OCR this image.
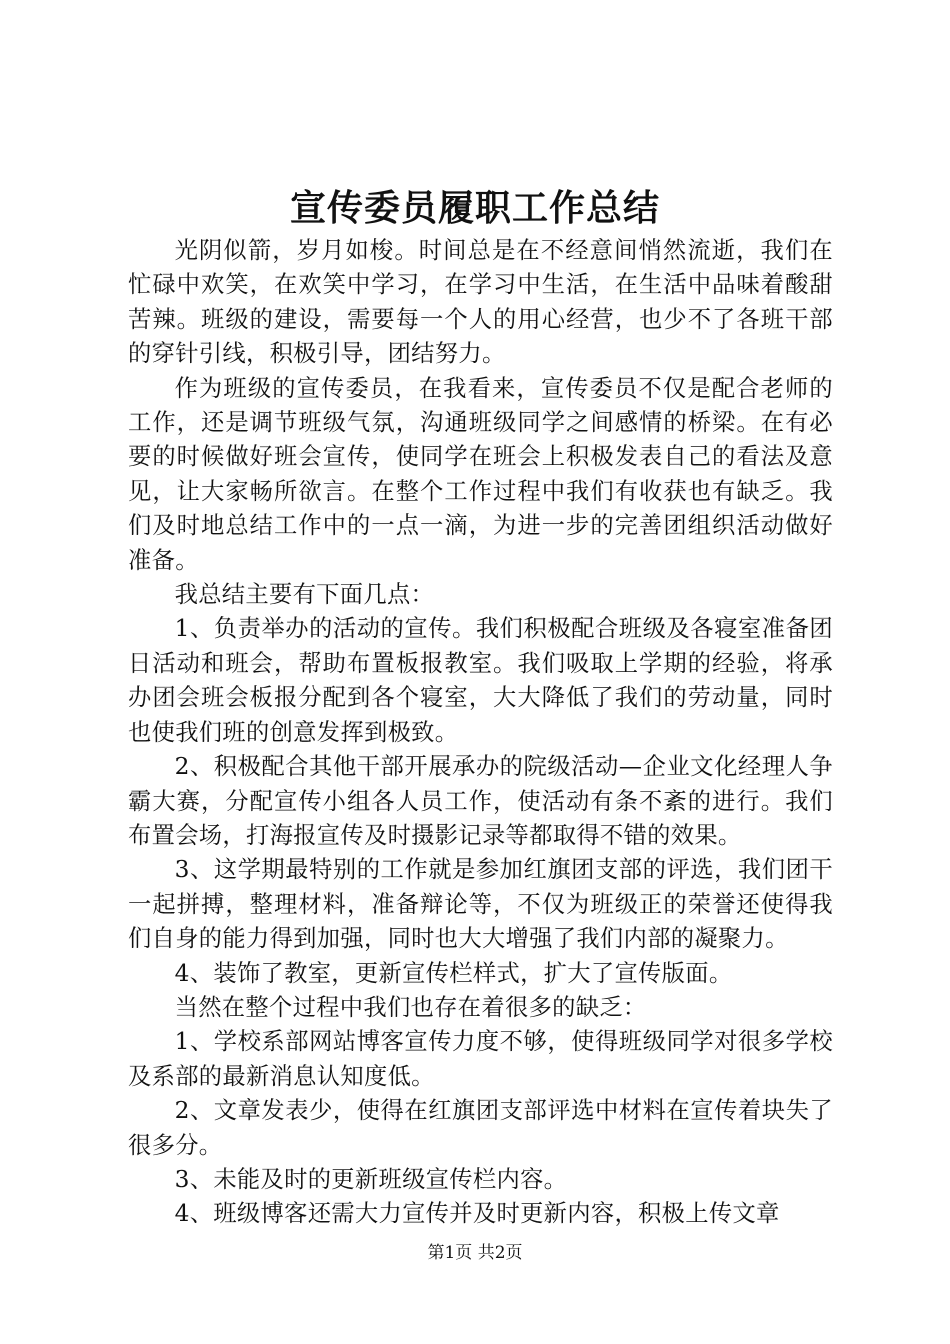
宣传委员履职工作总结

光阴似箭，岁月如梭。时间总是在不经意间悄然流逝，我们在忙碌中欢笑，在欢笑中学习，在学习中生活，在生活中品味着酸甜苦辣。班级的建设，需要每一个人的用心经营，也少不了各班干部的穿针引线，积极引导，团结努力。

作为班级的宣传委员，在我看来，宣传委员不仅是配合老师的工作，还是调节班级气氛，沟通班级同学之间感情的桥梁。在有必要的时候做好班会宣传，使同学在班会上积极发表自己的看法及意见，让大家畅所欲言。在整个工作过程中我们有收获也有缺乏。我们及时地总结工作中的一点一滴，为进一步的完善团组织活动做好准备。

我总结主要有下面几点：

1、负责举办的活动的宣传。我们积极配合班级及各寝室准备团日活动和班会，帮助布置板报教室。我们吸取上学期的经验，将承办团会班会板报分配到各个寝室，大大降低了我们的劳动量，同时也使我们班的创意发挥到极致。

2、积极配合其他干部开展承办的院级活动—企业文化经理人争霸大赛，分配宣传小组各人员工作，使活动有条不紊的进行。我们布置会场，打海报宣传及时摄影记录等都取得不错的效果。

3、这学期最特别的工作就是参加红旗团支部的评选，我们团干一起拼搏，整理材料，准备辩论等，不仅为班级正的荣誉还使得我们自身的能力得到加强，同时也大大增强了我们内部的凝聚力。

4、装饰了教室，更新宣传栏样式，扩大了宣传版面。

当然在整个过程中我们也存在着很多的缺乏：

1、学校系部网站博客宣传力度不够，使得班级同学对很多学校及系部的最新消息认知度低。

2、文章发表少，使得在红旗团支部评选中材料在宣传着块失了很多分。

3、未能及时的更新班级宣传栏内容。

4、班级博客还需大力宣传并及时更新内容，积极上传文章

第1页 共2页
